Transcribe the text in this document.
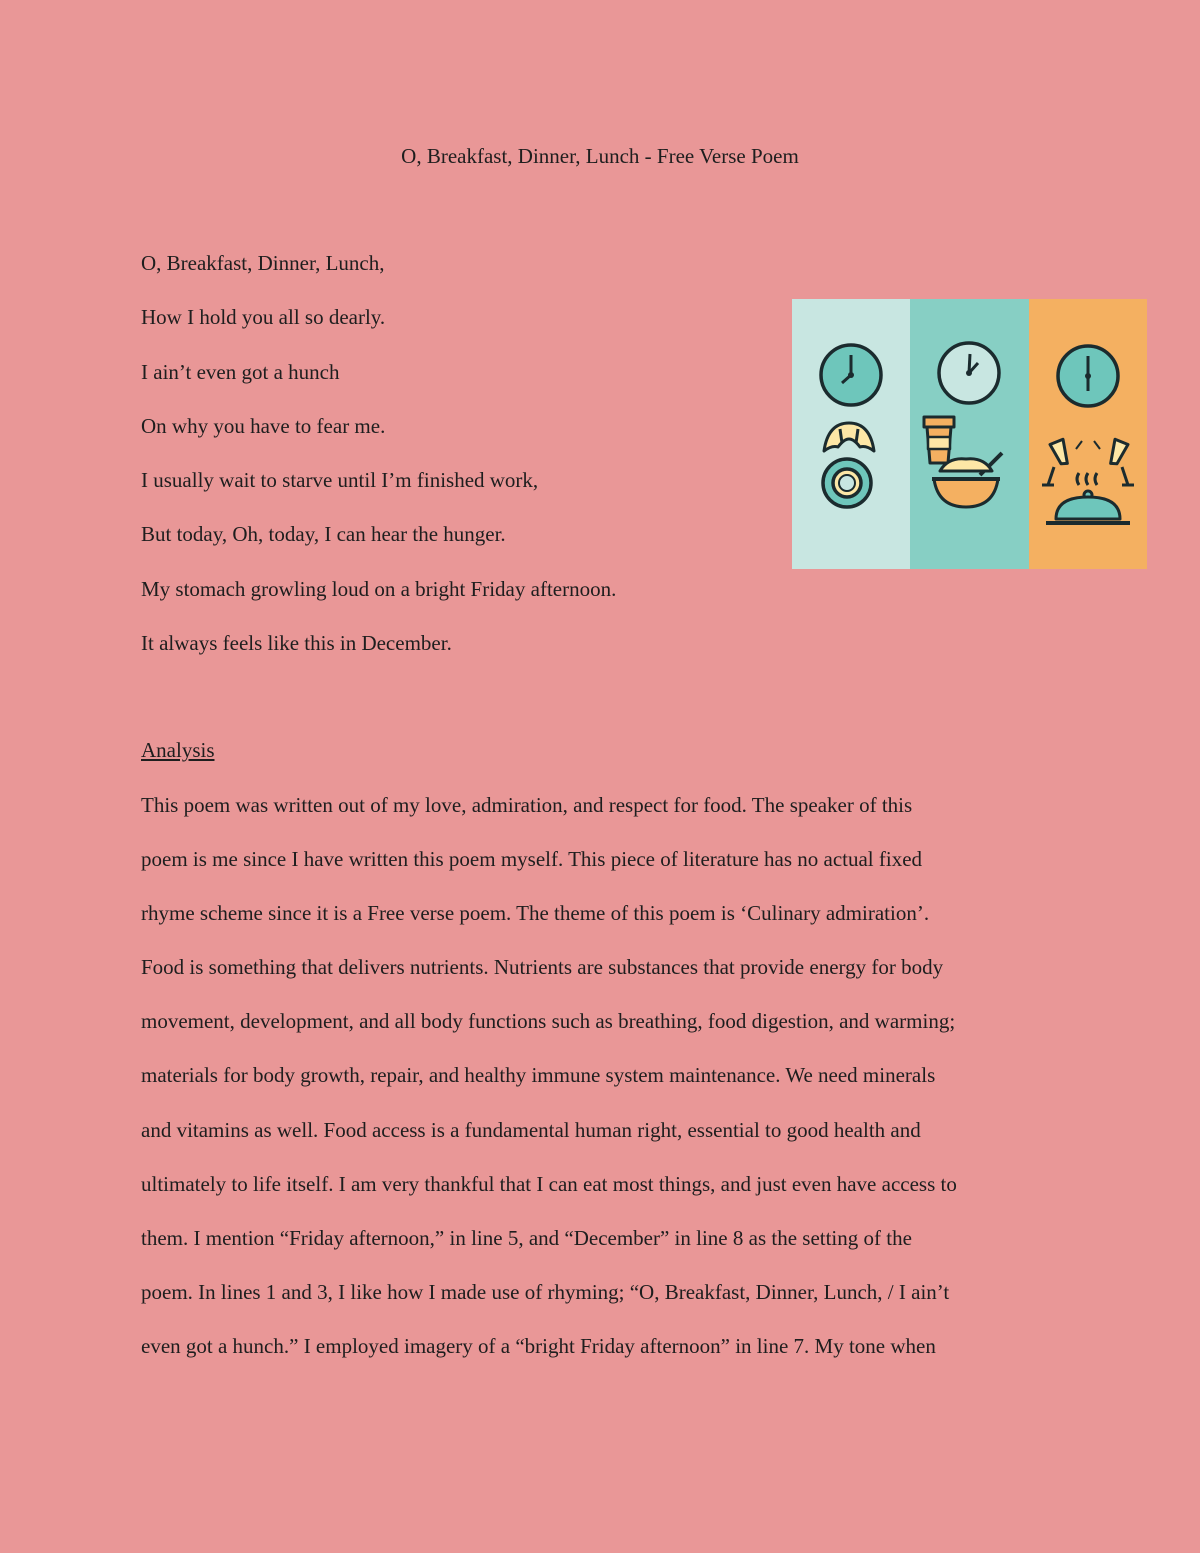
O, Breakfast, Dinner, Lunch - Free Verse Poem
O, Breakfast, Dinner, Lunch,
How I hold you all so dearly.
I ain’t even got a hunch
On why you have to fear me.
I usually wait to starve until I’m finished work,
But today, Oh, today, I can hear the hunger.
My stomach growling loud on a bright Friday afternoon.
It always feels like this in December.
Analysis
This poem was written out of my love, admiration, and respect for food. The speaker of this
poem is me since I have written this poem myself. This piece of literature has no actual fixed
rhyme scheme since it is a Free verse poem. The theme of this poem is ‘Culinary admiration’.
Food is something that delivers nutrients. Nutrients are substances that provide energy for body
movement, development, and all body functions such as breathing, food digestion, and warming;
materials for body growth, repair, and healthy immune system maintenance. We need minerals
and vitamins as well. Food access is a fundamental human right, essential to good health and
ultimately to life itself. I am very thankful that I can eat most things, and just even have access to
them. I mention “Friday afternoon,” in line 5, and “December” in line 8 as the setting of the
poem. In lines 1 and 3, I like how I made use of rhyming; “O, Breakfast, Dinner, Lunch, / I ain’t
even got a hunch.” I employed imagery of a “bright Friday afternoon” in line 7. My tone when
